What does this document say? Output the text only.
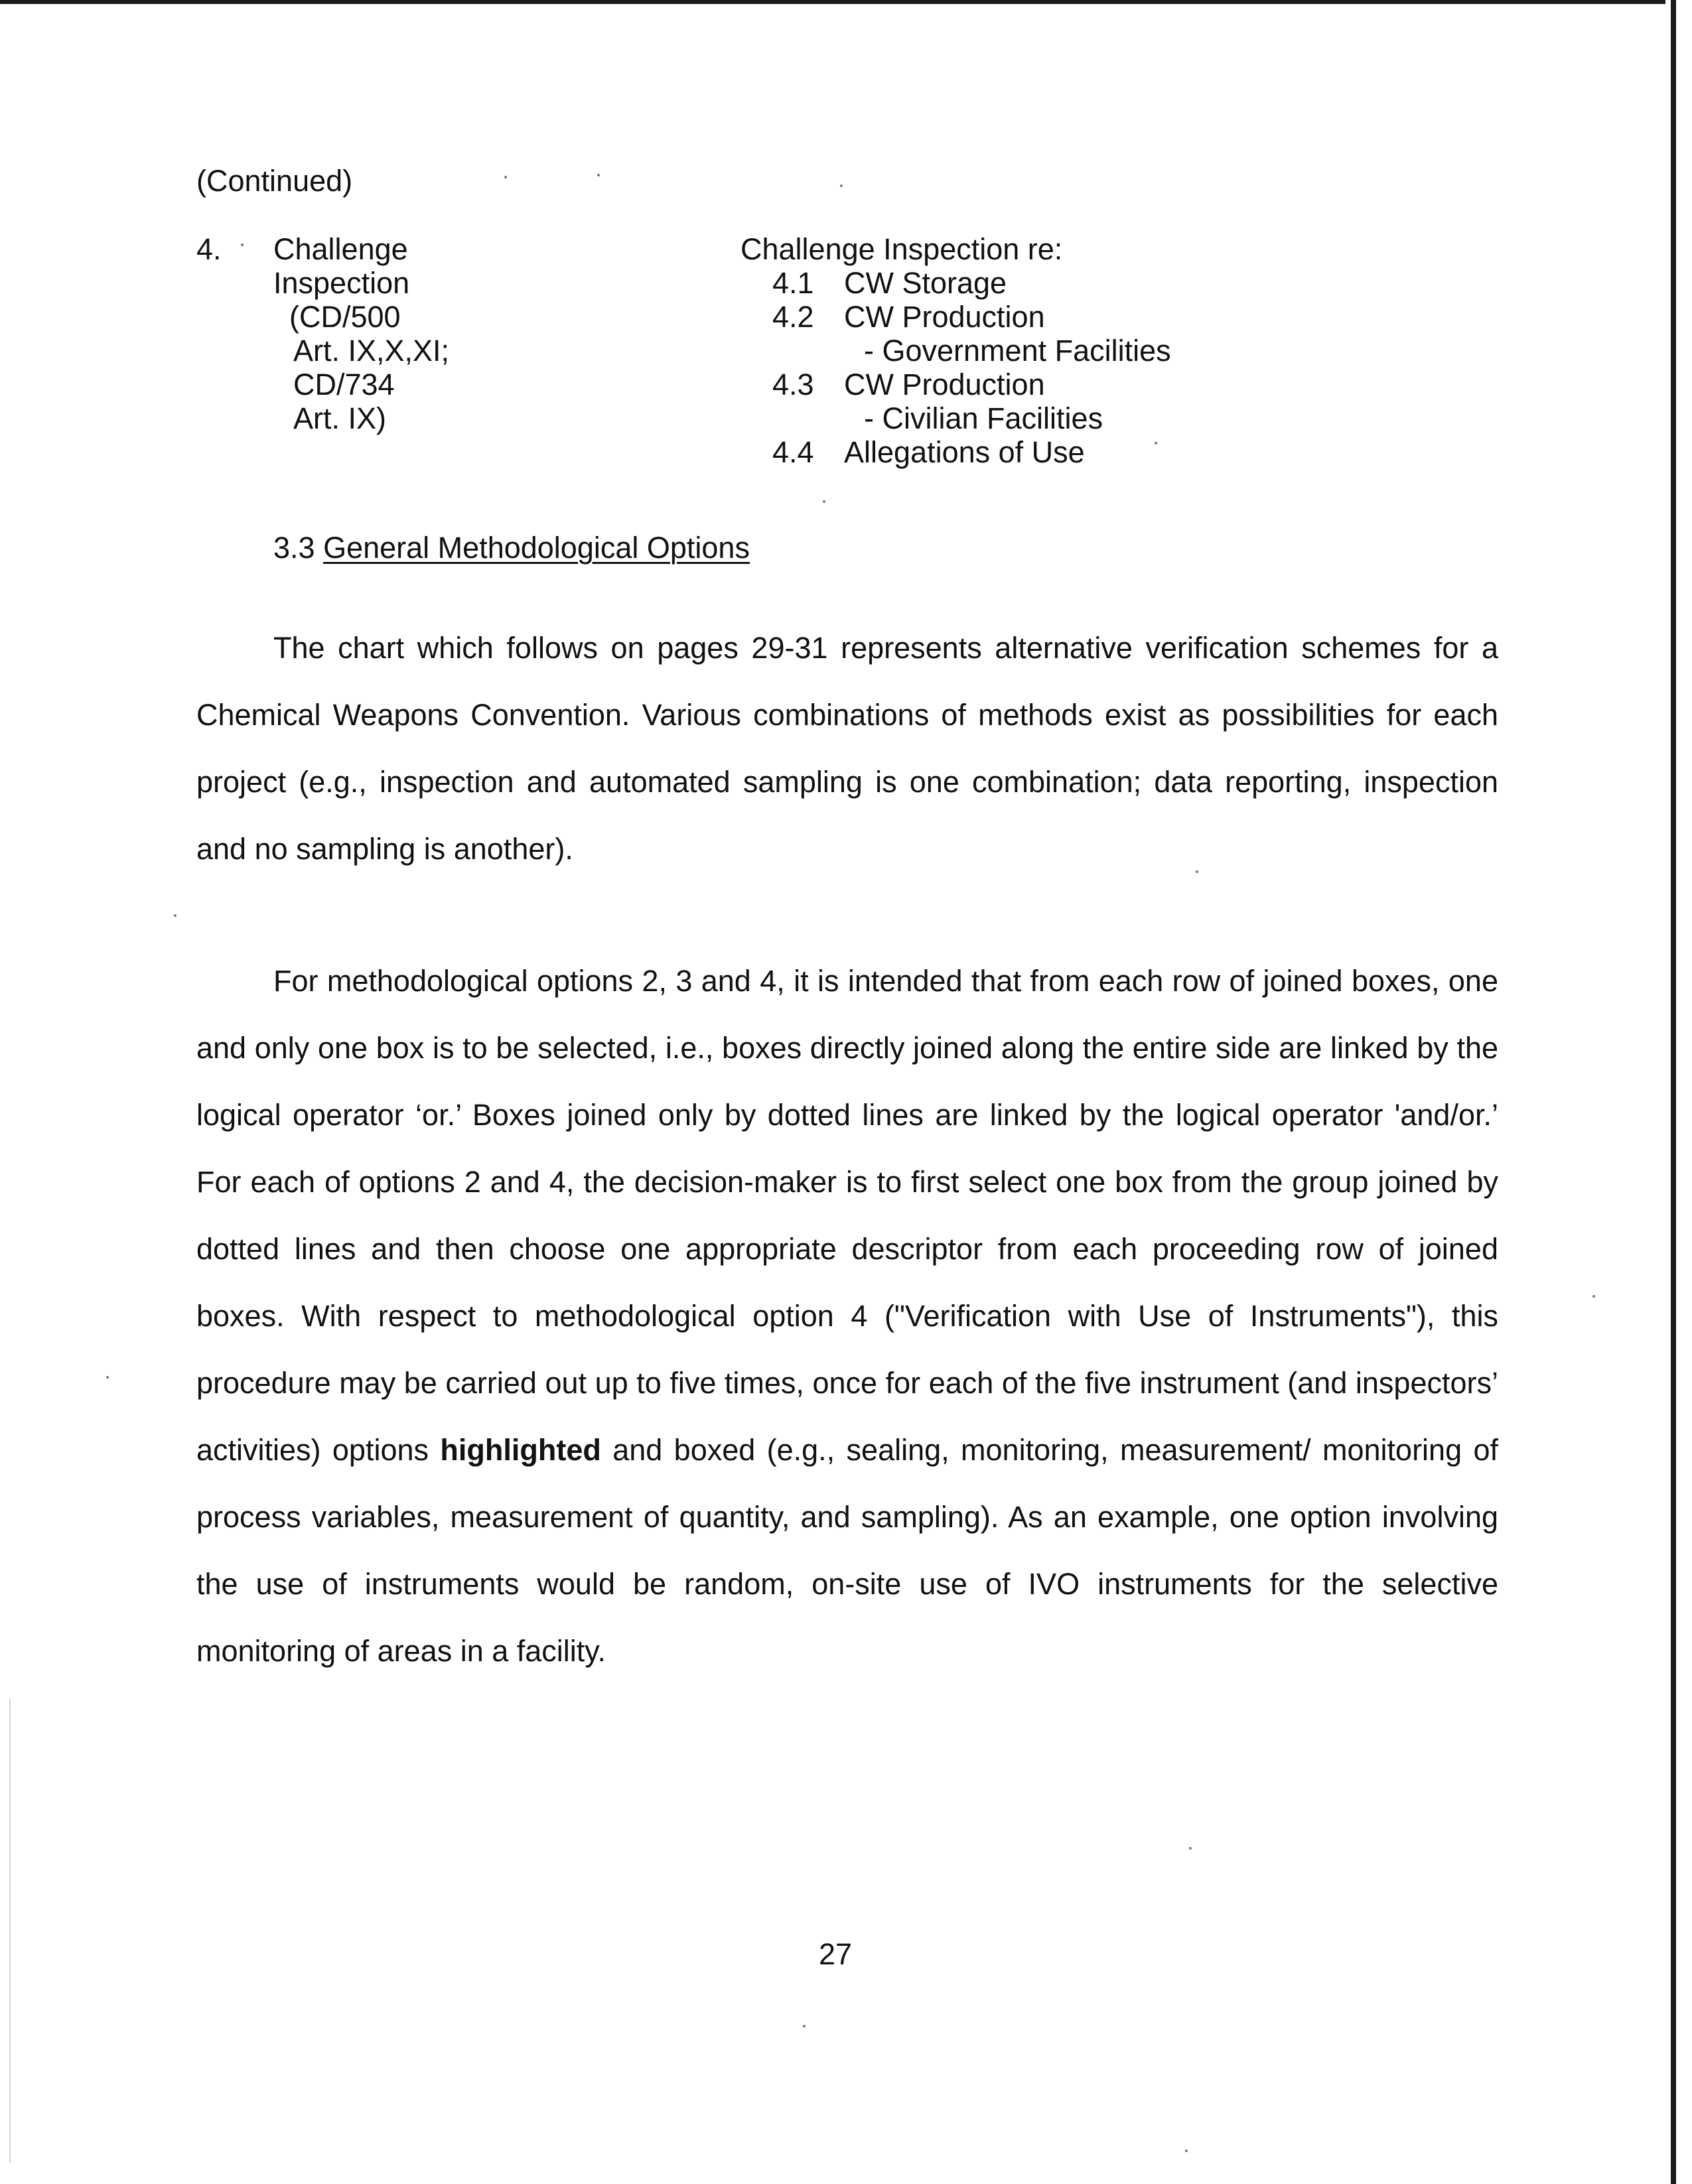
(Continued)
4. Challenge
Inspection
(CD/500
Art. IX,X,XI;
CD/734
Art. IX)
Challenge Inspection re:
4.1 CW Storage
4.2 CW Production
- Government Facilities
4.3 CW Production
- Civilian Facilities
4.4 Allegations of Use
3.3 General Methodological Options

The chart which follows on pages 29-31 represents alternative verification schemes for a Chemical Weapons Convention. Various combinations of methods exist as possibilities for each project (e.g., inspection and automated sampling is one combination; data reporting, inspection and no sampling is another).

For methodological options 2, 3 and 4, it is intended that from each row of joined boxes, one and only one box is to be selected, i.e., boxes directly joined along the entire side are linked by the logical operator ‘or.’ Boxes joined only by dotted lines are linked by the logical operator 'and/or.’ For each of options 2 and 4, the decision-maker is to first select one box from the group joined by dotted lines and then choose one appropriate descriptor from each proceeding row of joined boxes. With respect to methodological option 4 ("Verification with Use of Instruments"), this procedure may be carried out up to five times, once for each of the five instrument (and inspectors’ activities) options highlighted and boxed (e.g., sealing, monitoring, measurement/ monitoring of process variables, measurement of quantity, and sampling). As an example, one option involving the use of instruments would be random, on-site use of IVO instruments for the selective monitoring of areas in a facility.

27
